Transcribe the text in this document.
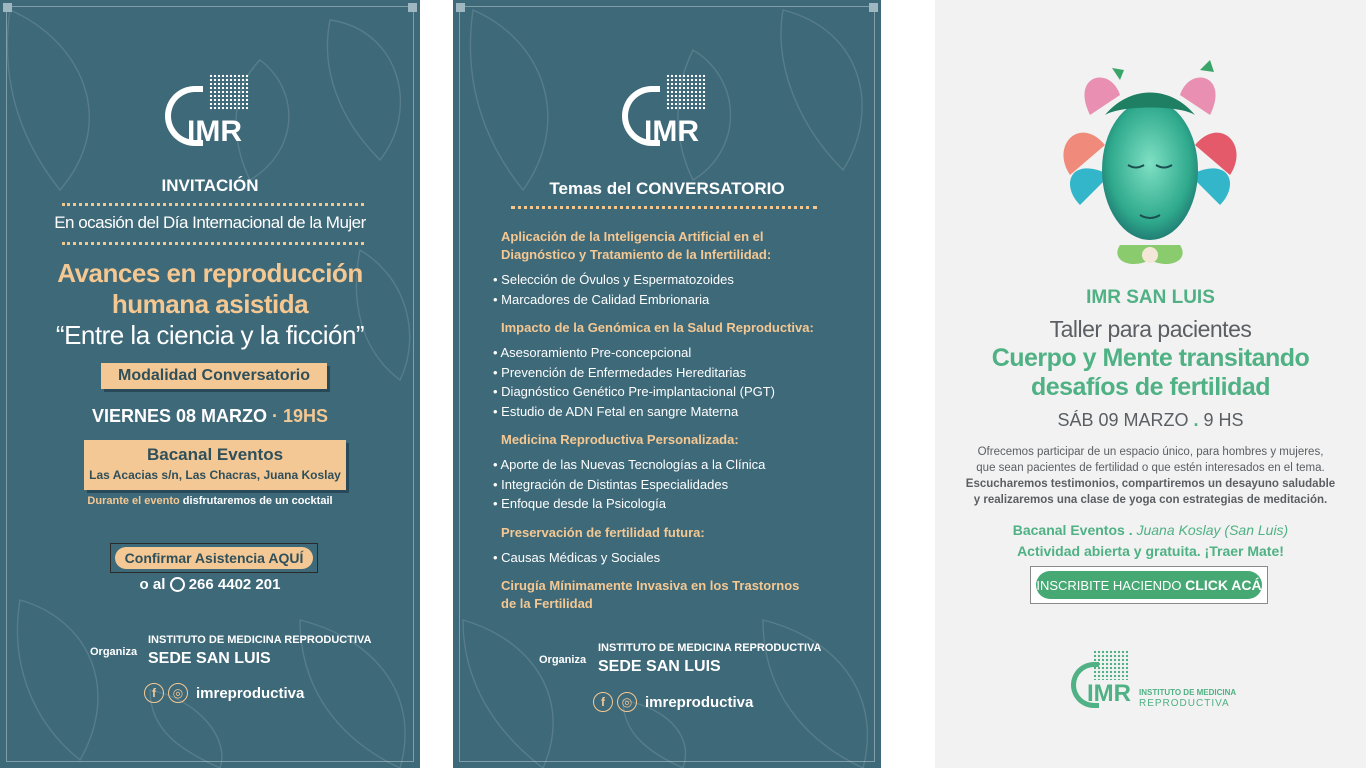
IMR
INVITACIÓN
En ocasión del Día Internacional de la Mujer
Avances en reproducción
humana asistida
“Entre la ciencia y la ficción”
Modalidad Conversatorio
VIERNES 08 MARZO · 19HS
Bacanal Eventos
Las Acacias s/n, Las Chacras, Juana Koslay
Durante el evento disfrutaremos de un cocktail
Confirmar Asistencia AQUÍ
o al 266 4402 201
Organiza
INSTITUTO DE MEDICINA REPRODUCTIVA
SEDE SAN LUIS
f	◎ imreproductiva
IMR
Temas del CONVERSATORIO
Aplicación de la Inteligencia Artificial en el Diagnóstico y Tratamiento de la Infertilidad:
• Selección de Óvulos y Espermatozoides
• Marcadores de Calidad Embrionaria
Impacto de la Genómica en la Salud Reproductiva:
• Asesoramiento Pre-concepcional
• Prevención de Enfermedades Hereditarias
• Diagnóstico Genético Pre-implantacional (PGT)
• Estudio de ADN Fetal en sangre Materna
Medicina Reproductiva Personalizada:
• Aporte de las Nuevas Tecnologías a la Clínica
• Integración de Distintas Especialidades
• Enfoque desde la Psicología
Preservación de fertilidad futura:
• Causas Médicas y Sociales
Cirugía Mínimamente Invasiva en los Trastornos de la Fertilidad
Organiza
INSTITUTO DE MEDICINA REPRODUCTIVA
SEDE SAN LUIS
f	◎ imreproductiva
IMR SAN LUIS
Taller para pacientes
Cuerpo y Mente transitando
desafíos de fertilidad
SÁB 09 MARZO . 9 HS
Ofrecemos participar de un espacio único, para hombres y mujeres,
que sean pacientes de fertilidad o que estén interesados en el tema.
Escucharemos testimonios, compartiremos un desayuno saludable
y realizaremos una clase de yoga con estrategias de meditación.
Bacanal Eventos . Juana Koslay (San Luis)
Actividad abierta y gratuita. ¡Traer Mate!
INSCRIBITE HACIENDO CLICK ACÁ
IMR INSTITUTO DE MEDICINA
REPRODUCTIVA
